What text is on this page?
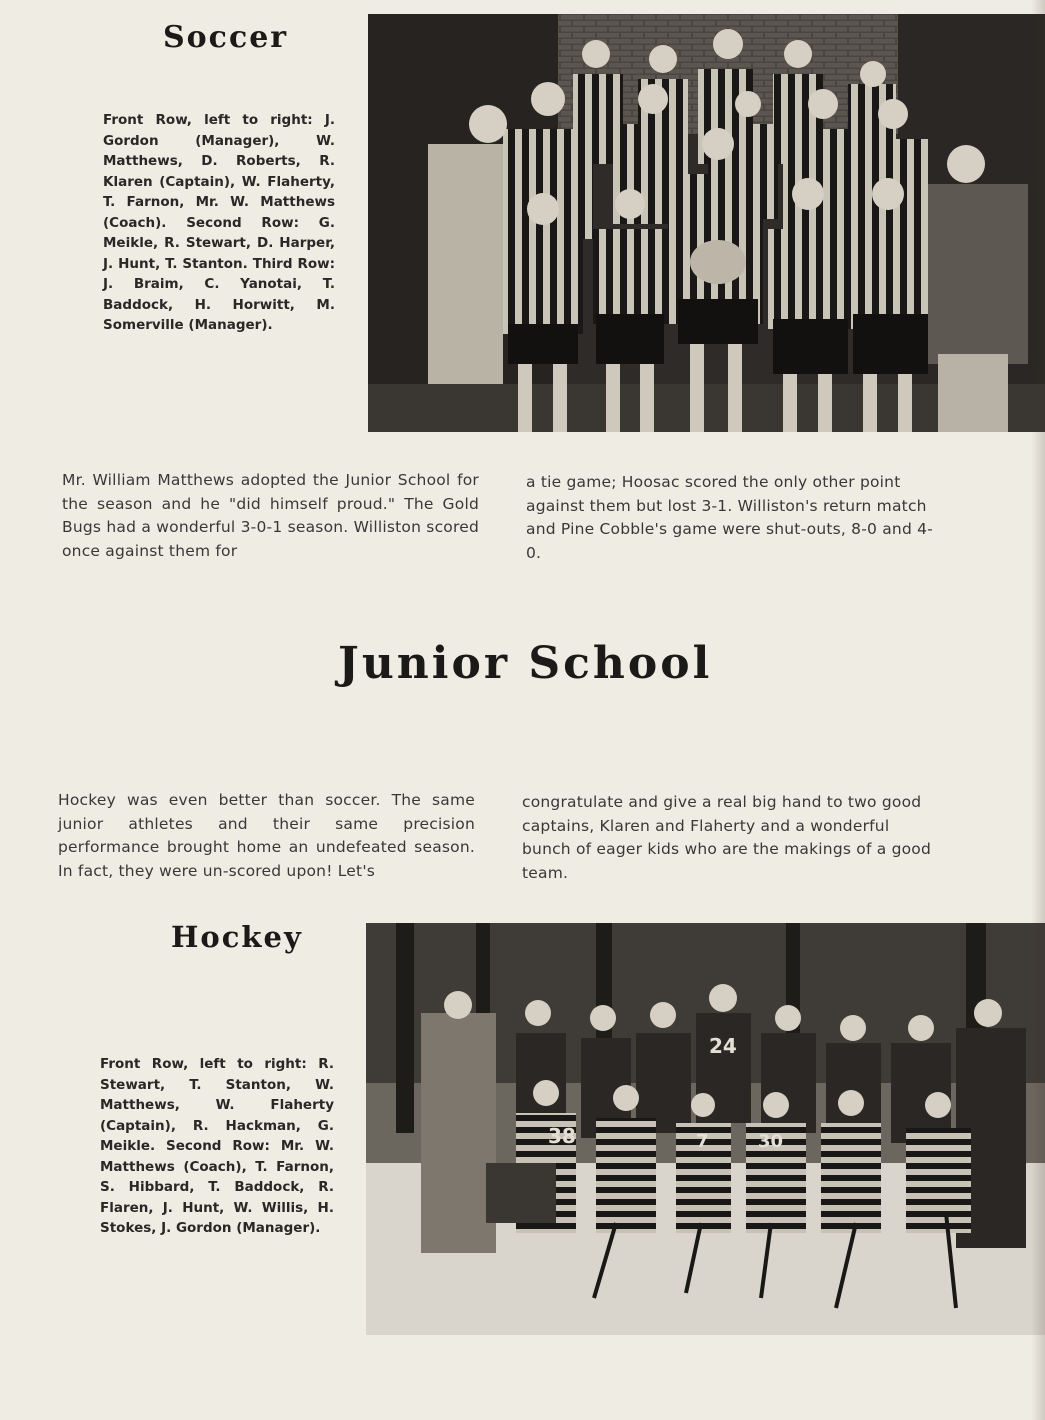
Soccer
Front Row, left to right: J. Gordon (Manager), W. Matthews, D. Roberts, R. Klaren (Captain), W. Flaherty, T. Farnon, Mr. W. Matthews (Coach). Second Row: G. Meikle, R. Stewart, D. Harper, J. Hunt, T. Stanton. Third Row: J. Braim, C. Yanotai, T. Baddock, H. Horwitt, M. Somerville (Manager).
Mr. William Matthews adopted the Junior School for the season and he "did himself proud." The Gold Bugs had a wonderful 3-0-1 season. Williston scored once against them for
a tie game; Hoosac scored the only other point against them but lost 3-1. Williston's return match and Pine Cobble's game were shut-outs, 8-0 and 4-0.
Junior School
Hockey was even better than soccer. The same junior athletes and their same precision performance brought home an undefeated season. In fact, they were un-scored upon! Let's
congratulate and give a real big hand to two good captains, Klaren and Flaherty and a wonderful bunch of eager kids who are the makings of a good team.
Hockey
Front Row, left to right: R. Stewart, T. Stanton, W. Matthews, W. Flaherty (Captain), R. Hackman, G. Meikle. Second Row: Mr. W. Matthews (Coach), T. Farnon, S. Hibbard, T. Baddock, R. Flaren, J. Hunt, W. Willis, H. Stokes, J. Gordon (Manager).
24
38	7	30
